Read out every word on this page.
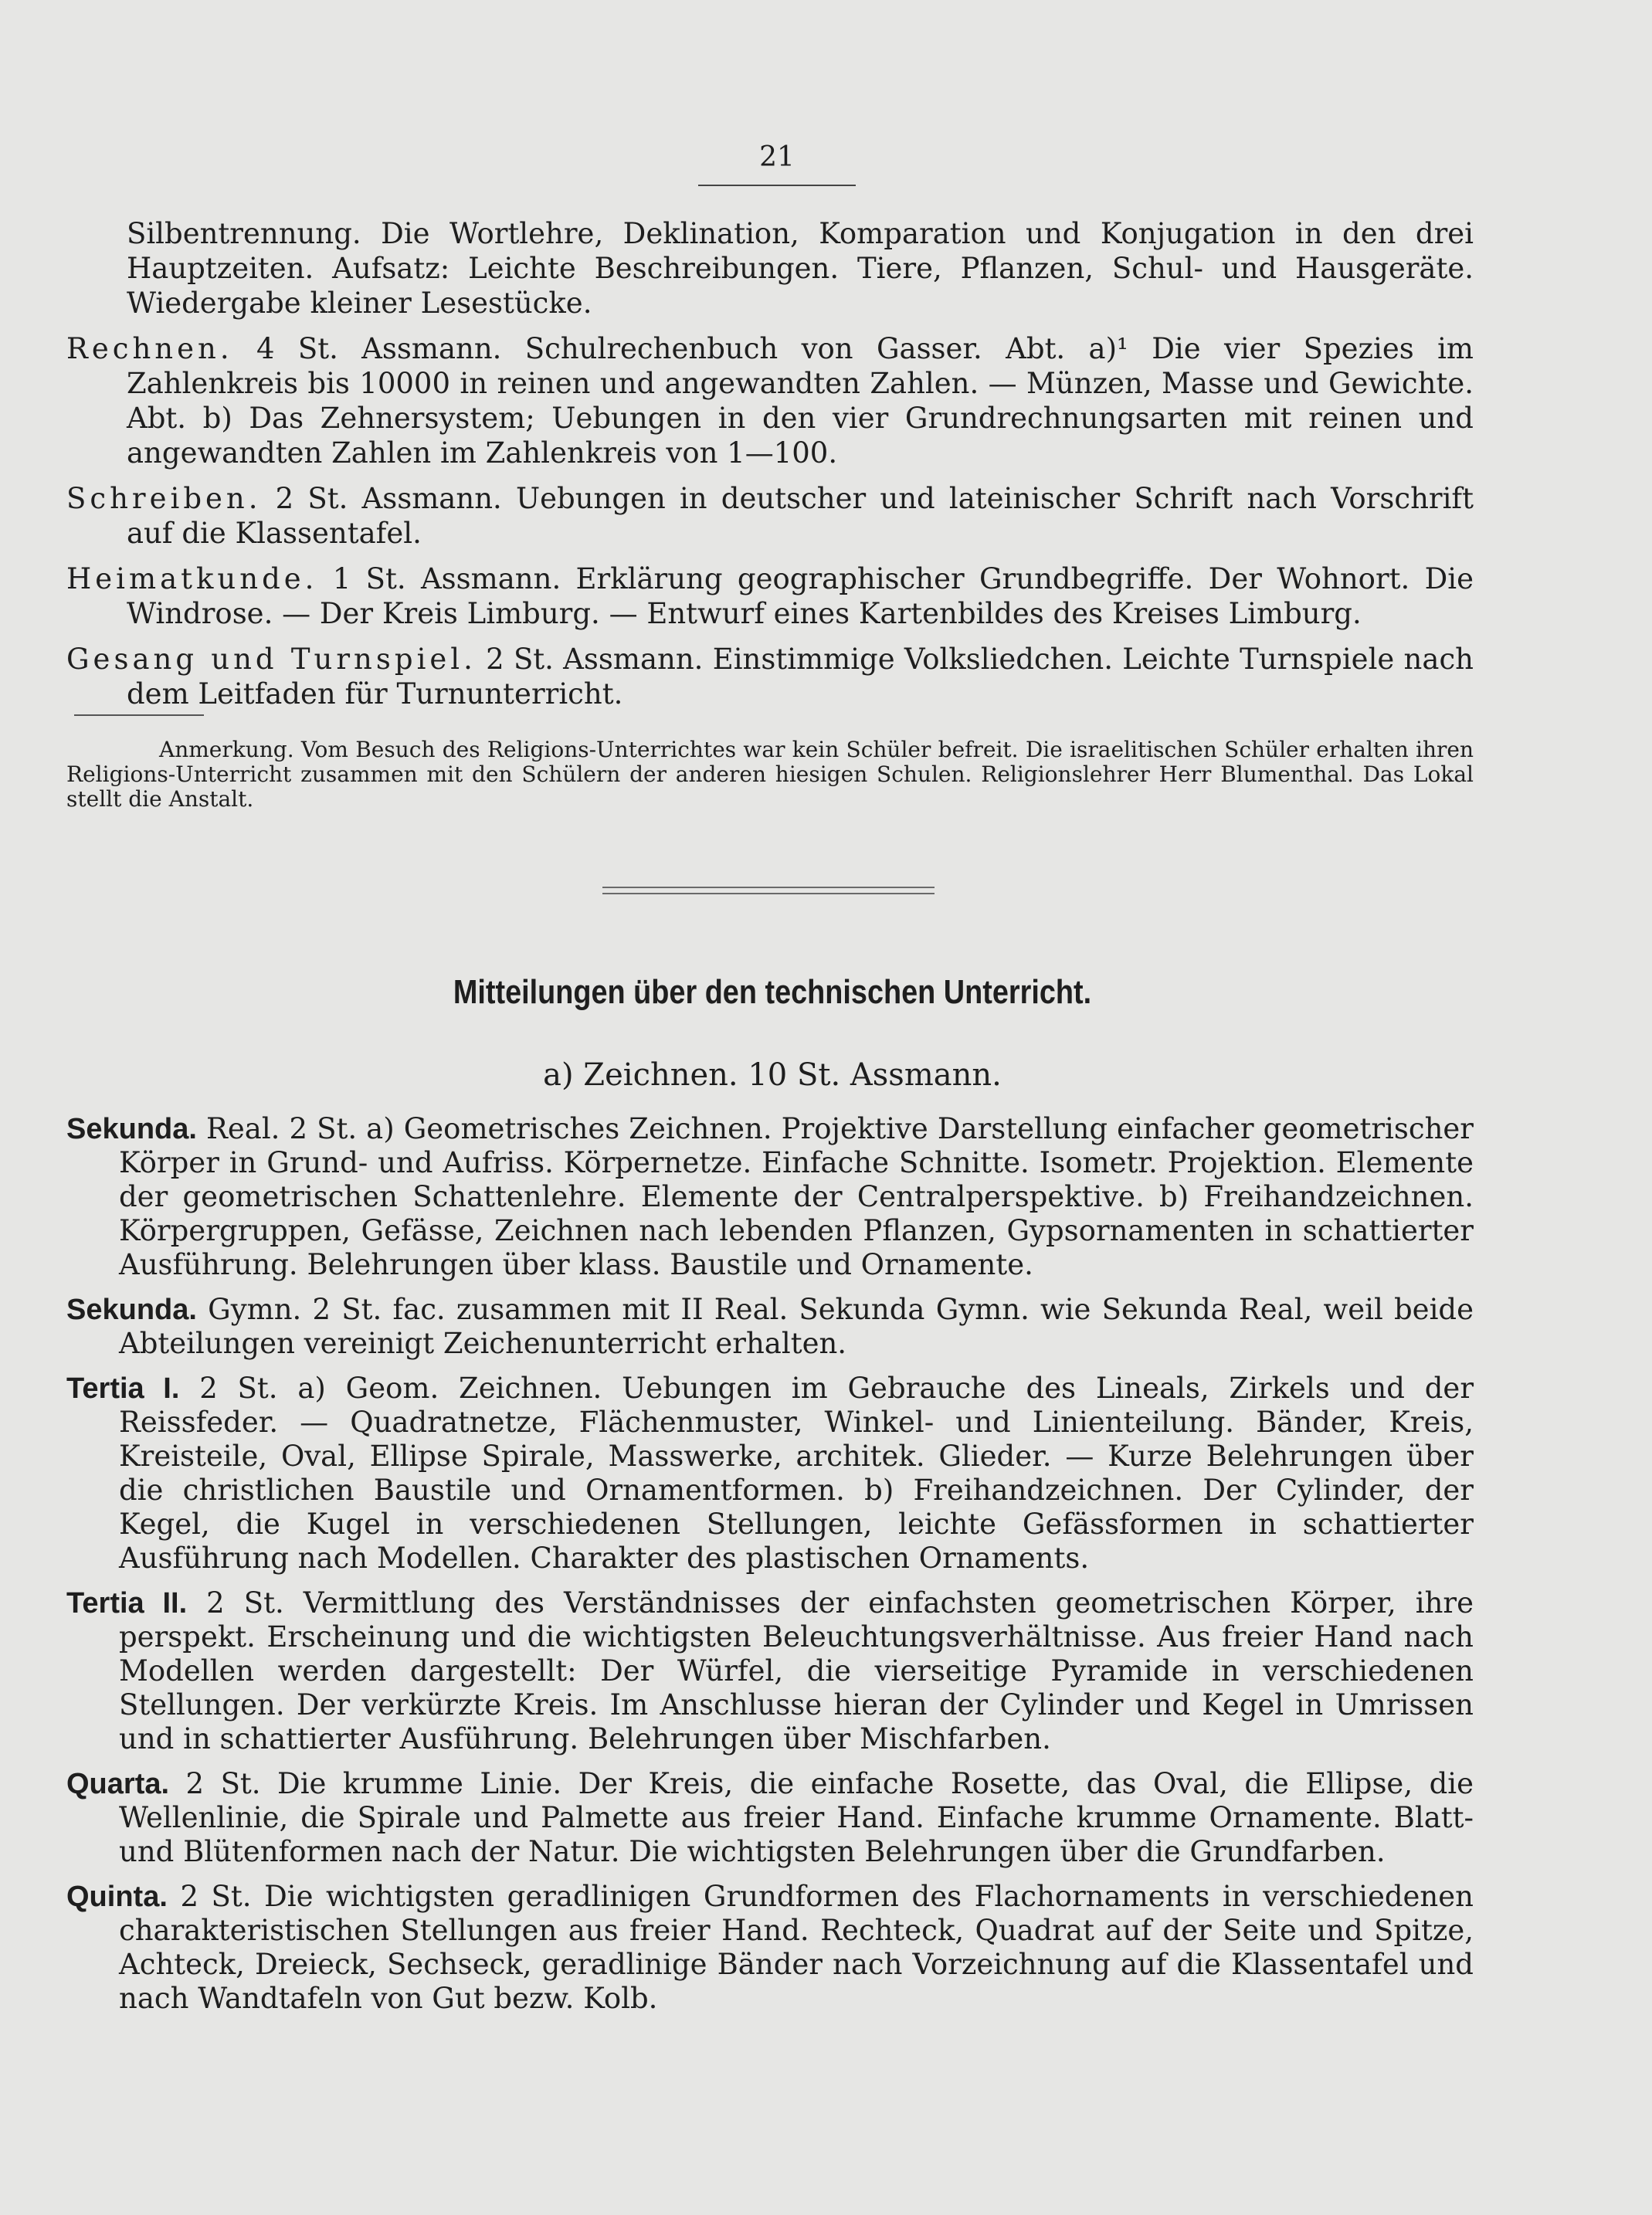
21

Silbentrennung. Die Wortlehre, Deklination, Komparation und Konjugation in den drei Hauptzeiten. Aufsatz: Leichte Beschreibungen. Tiere, Pflanzen, Schul- und Hausgeräte. Wiedergabe kleiner Lesestücke.

Rechnen. 4 St. Assmann. Schulrechenbuch von Gasser. Abt. a)¹ Die vier Spezies im Zahlenkreis bis 10000 in reinen und angewandten Zahlen. — Münzen, Masse und Gewichte. Abt. b) Das Zehnersystem; Uebungen in den vier Grundrechnungsarten mit reinen und angewandten Zahlen im Zahlenkreis von 1—100.

Schreiben. 2 St. Assmann. Uebungen in deutscher und lateinischer Schrift nach Vorschrift auf die Klassentafel.

Heimatkunde. 1 St. Assmann. Erklärung geographischer Grundbegriffe. Der Wohnort. Die Windrose. — Der Kreis Limburg. — Entwurf eines Kartenbildes des Kreises Limburg.

Gesang und Turnspiel. 2 St. Assmann. Einstimmige Volksliedchen. Leichte Turnspiele nach dem Leitfaden für Turnunterricht.

Anmerkung. Vom Besuch des Religions-Unterrichtes war kein Schüler befreit. Die israelitischen Schüler erhalten ihren Religions-Unterricht zusammen mit den Schülern der anderen hiesigen Schulen. Religionslehrer Herr Blumenthal. Das Lokal stellt die Anstalt.

Mitteilungen über den technischen Unterricht.

a) Zeichnen. 10 St. Assmann.

Sekunda. Real. 2 St. a) Geometrisches Zeichnen. Projektive Darstellung einfacher geometrischer Körper in Grund- und Aufriss. Körpernetze. Einfache Schnitte. Isometr. Projektion. Elemente der geometrischen Schattenlehre. Elemente der Centralperspektive. b) Freihandzeichnen. Körpergruppen, Gefässe, Zeichnen nach lebenden Pflanzen, Gypsornamenten in schattierter Ausführung. Belehrungen über klass. Baustile und Ornamente.

Sekunda. Gymn. 2 St. fac. zusammen mit II Real. Sekunda Gymn. wie Sekunda Real, weil beide Abteilungen vereinigt Zeichenunterricht erhalten.

Tertia I. 2 St. a) Geom. Zeichnen. Uebungen im Gebrauche des Lineals, Zirkels und der Reissfeder. — Quadratnetze, Flächenmuster, Winkel- und Linienteilung. Bänder, Kreis, Kreisteile, Oval, Ellipse Spirale, Masswerke, architek. Glieder. — Kurze Belehrungen über die christlichen Baustile und Ornamentformen. b) Freihandzeichnen. Der Cylinder, der Kegel, die Kugel in verschiedenen Stellungen, leichte Gefässformen in schattierter Ausführung nach Modellen. Charakter des plastischen Ornaments.

Tertia II. 2 St. Vermittlung des Verständnisses der einfachsten geometrischen Körper, ihre perspekt. Erscheinung und die wichtigsten Beleuchtungsverhältnisse. Aus freier Hand nach Modellen werden dargestellt: Der Würfel, die vierseitige Pyramide in verschiedenen Stellungen. Der verkürzte Kreis. Im Anschlusse hieran der Cylinder und Kegel in Umrissen und in schattierter Ausführung. Belehrungen über Mischfarben.

Quarta. 2 St. Die krumme Linie. Der Kreis, die einfache Rosette, das Oval, die Ellipse, die Wellenlinie, die Spirale und Palmette aus freier Hand. Einfache krumme Ornamente. Blatt- und Blütenformen nach der Natur. Die wichtigsten Belehrungen über die Grundfarben.

Quinta. 2 St. Die wichtigsten geradlinigen Grundformen des Flachornaments in verschiedenen charakteristischen Stellungen aus freier Hand. Rechteck, Quadrat auf der Seite und Spitze, Achteck, Dreieck, Sechseck, geradlinige Bänder nach Vorzeichnung auf die Klassentafel und nach Wandtafeln von Gut bezw. Kolb.
